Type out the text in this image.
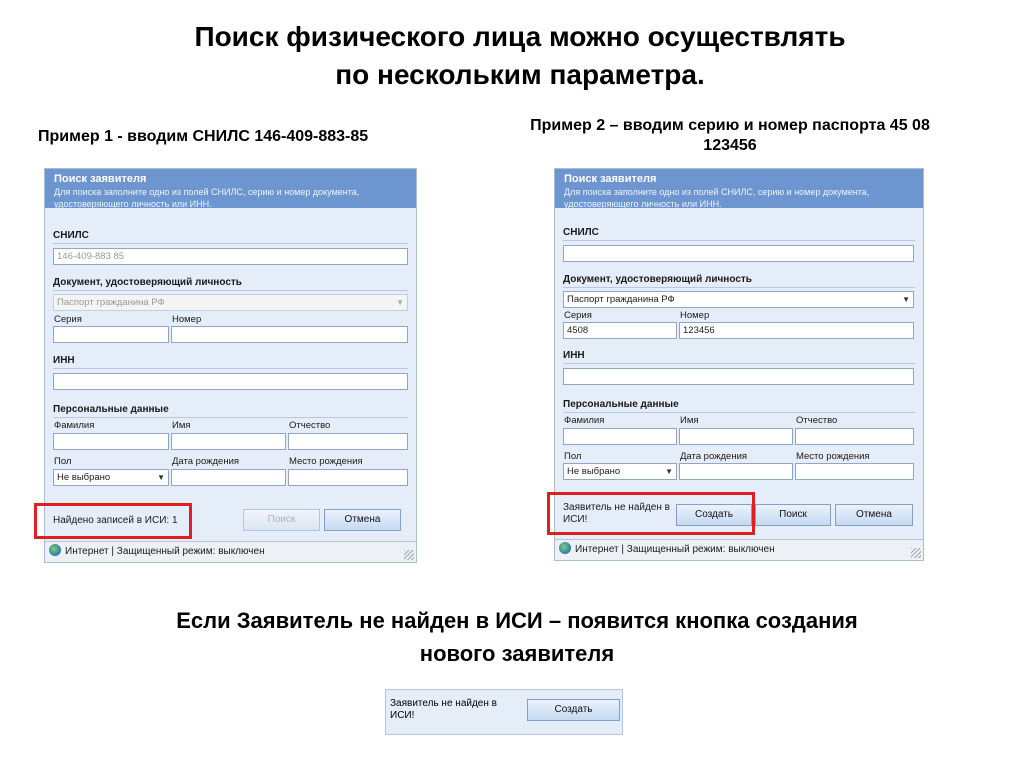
Поиск физического лица можно осуществлять
по нескольким параметра.
Пример 1 - вводим СНИЛС 146-409-883-85
Пример 2 – вводим серию и номер паспорта 45 08
123456
Поиск заявителя
Для поиска заполните одно из полей СНИЛС, серию и номер документа,
удостоверяющего личность или ИНН.
СНИЛС
146-409-883 85
Документ, удостоверяющий личность
Паспорт гражданина РФ	▼
Серия	Номер
ИНН
Персональные данные
Фамилия	Имя	Отчество
Пол	Дата рождения	Место рождения
Не выбрано	▼
Найдено записей в ИСИ: 1	Поиск	Отмена
Интернет | Защищенный режим: выключен
Поиск заявителя
Для поиска заполните одно из полей СНИЛС, серию и номер документа,
удостоверяющего личность или ИНН.
СНИЛС
Документ, удостоверяющий личность
Паспорт гражданина РФ	▼
Серия	Номер
4508	123456
ИНН
Персональные данные
Фамилия	Имя	Отчество
Пол	Дата рождения	Место рождения
Не выбрано	▼
Заявитель не найден в
ИСИ!	Создать	Поиск	Отмена
Интернет | Защищенный режим: выключен
Если Заявитель не найден в ИСИ – появится кнопка создания
нового заявителя
Заявитель не найден в
ИСИ!
Создать
